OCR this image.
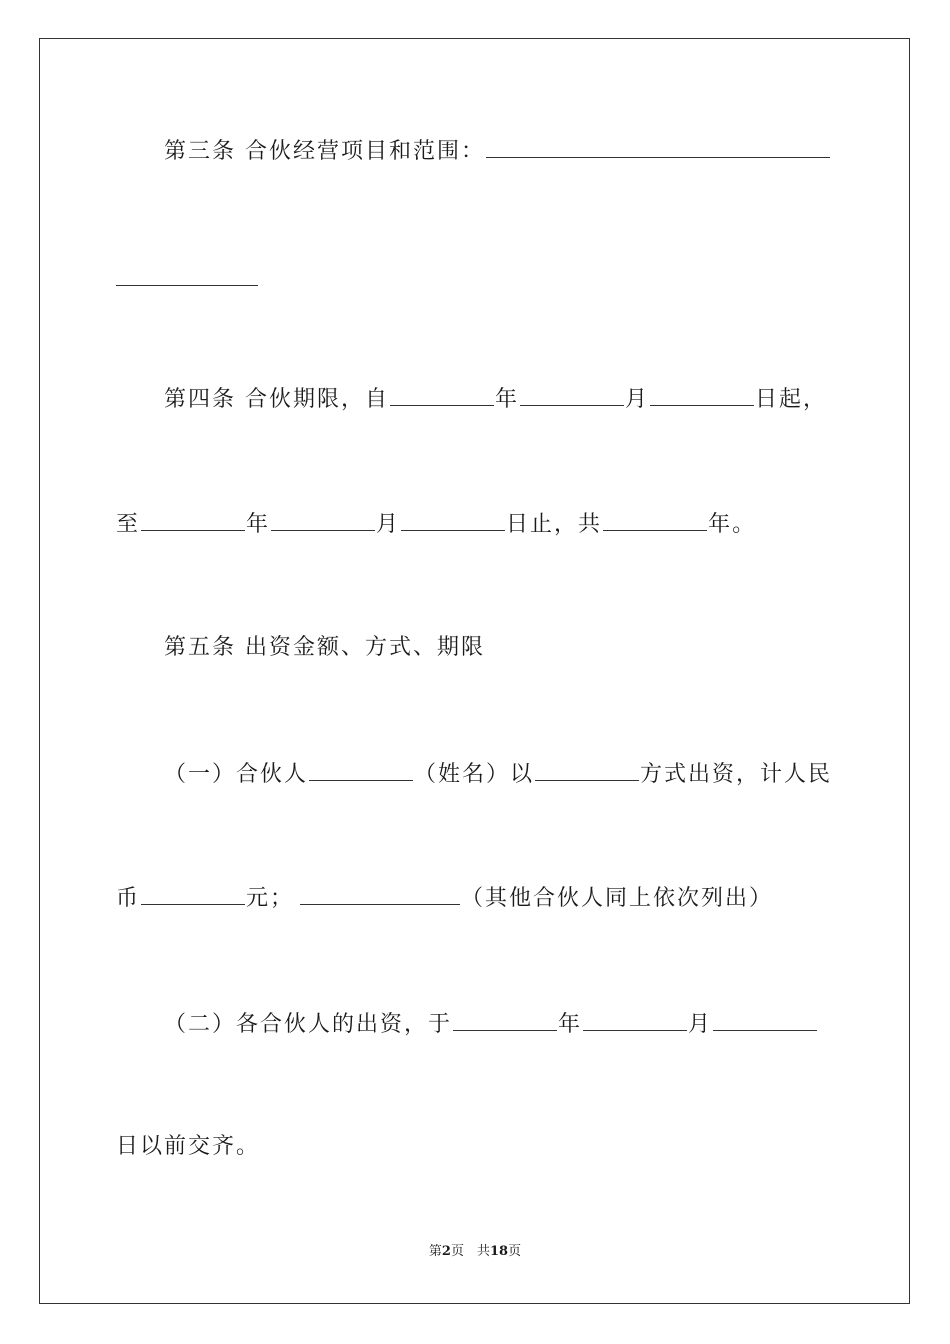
第三条 合伙经营项目和范围：
第四条 合伙期限，自	年	月	日起，
至	年	月	日止，共	年。
第五条 出资金额、方式、期限
（一）合伙人	（姓名）以	方式出资，计人民
币	元；	（其他合伙人同上依次列出）
（二）各合伙人的出资，于	年	月
日以前交齐。
第2页　共18页
